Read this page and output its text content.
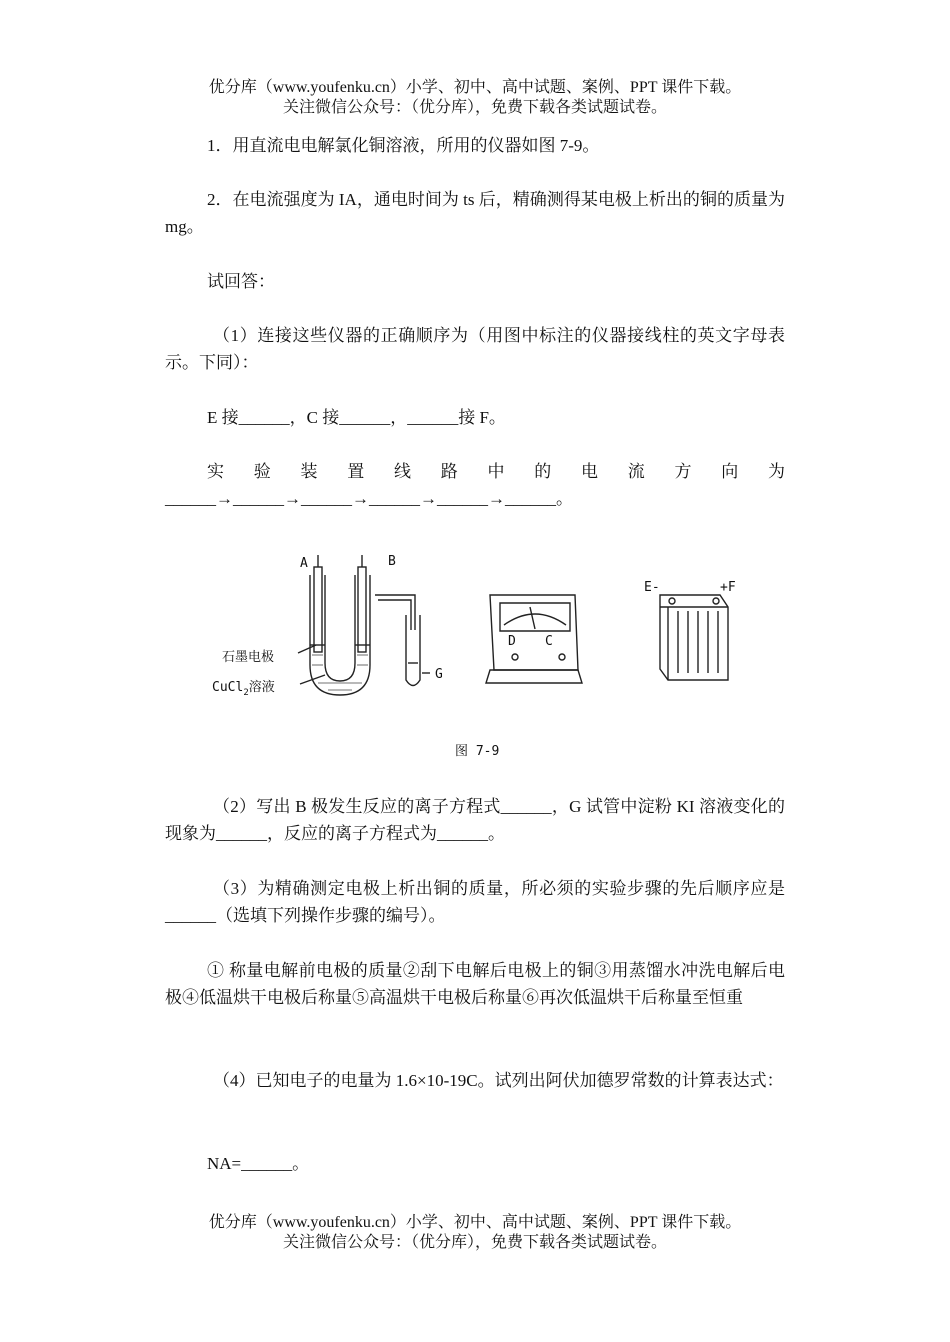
优分库（www.youfenku.cn）小学、初中、高中试题、案例、PPT 课件下载。
关注微信公众号：（优分库），免费下载各类试题试卷。

1．用直流电电解氯化铜溶液，所用的仪器如图 7-9。

2．在电流强度为 IA，通电时间为 ts 后，精确测得某电极上析出的铜的质量为 mg。

试回答：

（1）连接这些仪器的正确顺序为（用图中标注的仪器接线柱的英文字母表示。下同）：

E 接______，C 接______，______接 F。

实验装置线路中的电流方向为______→______→______→______→______→______。

A	B
G
石墨电极
CuCl$_2$溶液
D C
E-	+F
图 7-9

（2）写出 B 极发生反应的离子方程式______，G 试管中淀粉 KI 溶液变化的现象为______，反应的离子方程式为______。

（3）为精确测定电极上析出铜的质量，所必须的实验步骤的先后顺序应是______（选填下列操作步骤的编号）。

① 称量电解前电极的质量②刮下电解后电极上的铜③用蒸馏水冲洗电解后电极④低温烘干电极后称量⑤高温烘干电极后称量⑥再次低温烘干后称量至恒重

（4）已知电子的电量为 1.6×10-19C。试列出阿伏加德罗常数的计算表达式：

NA=______。

优分库（www.youfenku.cn）小学、初中、高中试题、案例、PPT 课件下载。
关注微信公众号：（优分库），免费下载各类试题试卷。
